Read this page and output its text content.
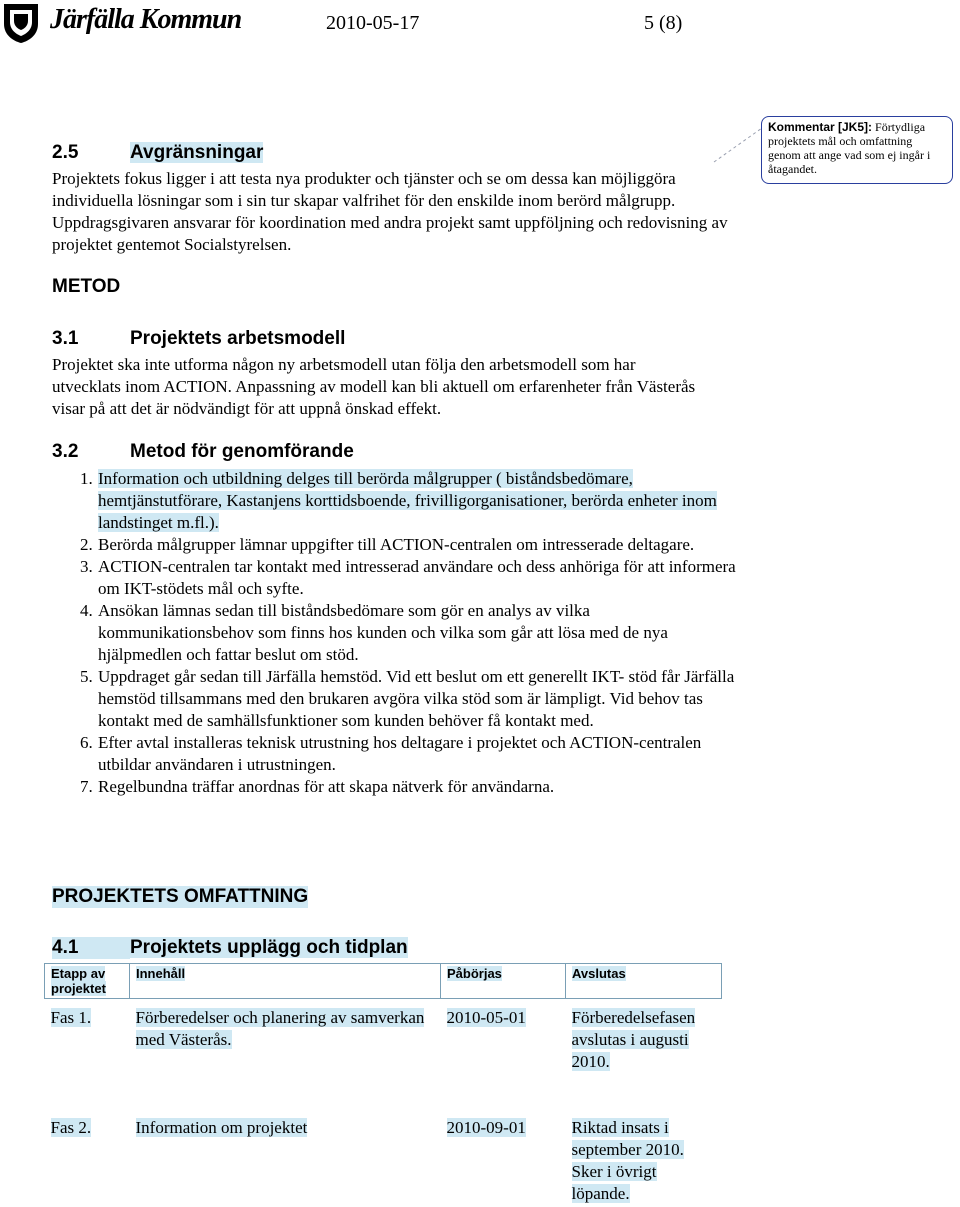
Järfälla Kommun	2010-05-17	5 (8)
2.5	Avgränsningar
Projektets fokus ligger i att testa nya produkter och tjänster och se om dessa kan möjliggöra individuella lösningar som i sin tur skapar valfrihet för den enskilde inom berörd målgrupp. Uppdragsgivaren ansvarar för koordination med andra projekt samt uppföljning och redovisning av projektet gentemot Socialstyrelsen.
Kommentar [JK5]: Förtydliga projektets mål och omfattning genom att ange vad som ej ingår i åtagandet.
METOD
3.1	Projektets arbetsmodell
Projektet ska inte utforma någon ny arbetsmodell utan följa den arbetsmodell som har utvecklats inom ACTION. Anpassning av modell kan bli aktuell om erfarenheter från Västerås visar på att det är nödvändigt för att uppnå önskad effekt.
3.2	Metod för genomförande
1. Information och utbildning delges till berörda målgrupper ( biståndsbedömare, hemtjänstutförare, Kastanjens korttidsboende, frivilligorganisationer, berörda enheter inom landstinget m.fl.).
2. Berörda målgrupper lämnar uppgifter till ACTION-centralen om intresserade deltagare.
3. ACTION-centralen tar kontakt med intresserad användare och dess anhöriga för att informera om IKT-stödets mål och syfte.
4. Ansökan lämnas sedan till biståndsbedömare som gör en analys av vilka kommunikationsbehov som finns hos kunden och vilka som går att lösa med de nya hjälpmedlen och fattar beslut om stöd.
5. Uppdraget går sedan till Järfälla hemstöd. Vid ett beslut om ett generellt IKT- stöd får Järfälla hemstöd tillsammans med den brukaren avgöra vilka stöd som är lämpligt. Vid behov tas kontakt med de samhällsfunktioner som kunden behöver få kontakt med.
6. Efter avtal installeras teknisk utrustning hos deltagare i projektet och ACTION-centralen utbildar användaren i utrustningen.
7. Regelbundna träffar anordnas för att skapa nätverk för användarna.
PROJEKTETS OMFATTNING
4.1	Projektets upplägg och tidplan
Etapp av projektet	Innehåll	Påbörjas	Avslutas
Fas 1.	Förberedelser och planering av samverkan med Västerås.	2010-05-01	Förberedelsefasen avslutas i augusti 2010.
Fas 2.	Information om projektet	2010-09-01	Riktad insats i september 2010. Sker i övrigt löpande.
